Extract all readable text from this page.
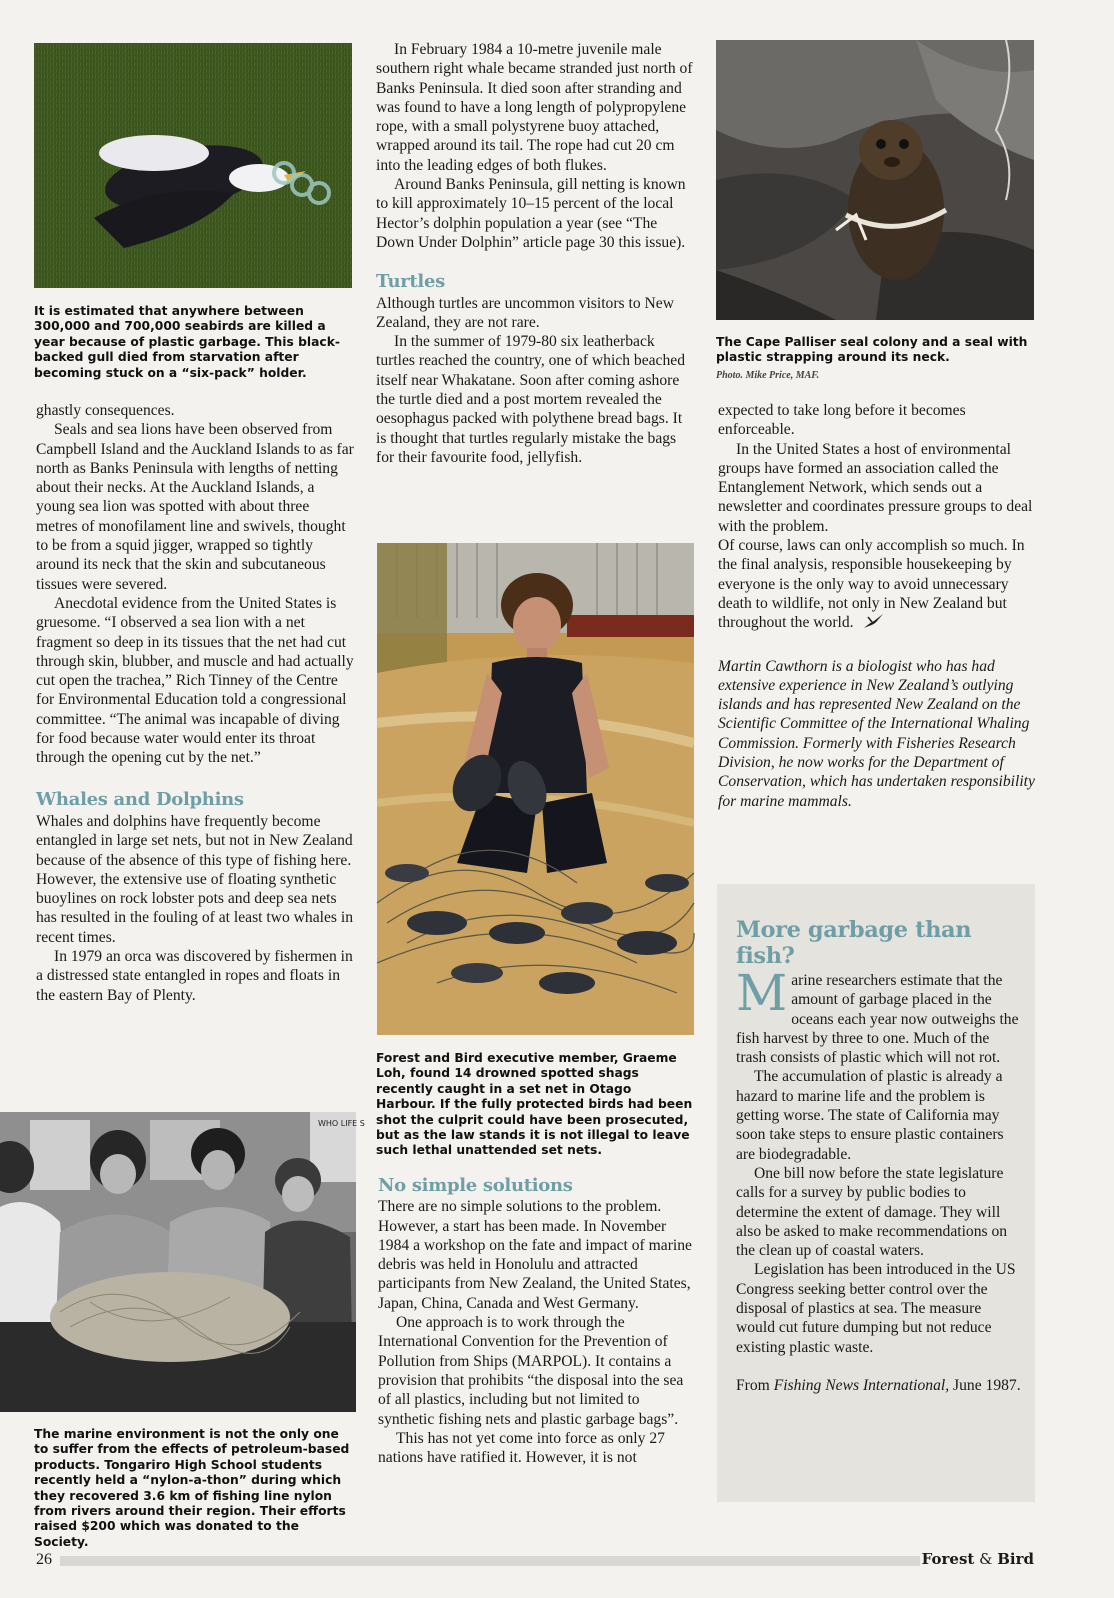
It is estimated that anywhere between 300,000 and 700,000 seabirds are killed a year because of plastic garbage. This black-backed gull died from starvation after becoming stuck on a “six-pack” holder.

ghastly consequences.

Seals and sea lions have been observed from Campbell Island and the Auckland Islands to as far north as Banks Peninsula with lengths of netting about their necks. At the Auckland Islands, a young sea lion was spotted with about three metres of monofilament line and swivels, thought to be from a squid jigger, wrapped so tightly around its neck that the skin and subcutaneous tissues were severed.

Anecdotal evidence from the United States is gruesome. “I observed a sea lion with a net fragment so deep in its tissues that the net had cut through skin, blubber, and muscle and had actually cut open the trachea,” Rich Tinney of the Centre for Environmental Education told a congressional committee. “The animal was incapable of diving for food because water would enter its throat through the opening cut by the net.”

Whales and Dolphins

Whales and dolphins have frequently become entangled in large set nets, but not in New Zealand because of the absence of this type of fishing here. However, the extensive use of floating synthetic buoylines on rock lobster pots and deep sea nets has resulted in the fouling of at least two whales in recent times.

In 1979 an orca was discovered by fishermen in a distressed state entangled in ropes and floats in the eastern Bay of Plenty.

WHO LIFE S
The marine environment is not the only one to suffer from the effects of petroleum-based products. Tongariro High School students recently held a “nylon-a-thon” during which they recovered 3.6 km of fishing line nylon from rivers around their region. Their efforts raised $200 which was donated to the Society.

In February 1984 a 10-metre juvenile male southern right whale became stranded just north of Banks Peninsula. It died soon after stranding and was found to have a long length of polypropylene rope, with a small polystyrene buoy attached, wrapped around its tail. The rope had cut 20 cm into the leading edges of both flukes.

Around Banks Peninsula, gill netting is known to kill approximately 10–15 percent of the local Hector’s dolphin population a year (see “The Down Under Dolphin” article page 30 this issue).

Turtles

Although turtles are uncommon visitors to New Zealand, they are not rare.

In the summer of 1979-80 six leatherback turtles reached the country, one of which beached itself near Whakatane. Soon after coming ashore the turtle died and a post mortem revealed the oesophagus packed with polythene bread bags. It is thought that turtles regularly mistake the bags for their favourite food, jellyfish.

Forest and Bird executive member, Graeme Loh, found 14 drowned spotted shags recently caught in a set net in Otago Harbour. If the fully protected birds had been shot the culprit could have been prosecuted, but as the law stands it is not illegal to leave such lethal unattended set nets.
No simple solutions

There are no simple solutions to the problem. However, a start has been made. In November 1984 a workshop on the fate and impact of marine debris was held in Honolulu and attracted participants from New Zealand, the United States, Japan, China, Canada and West Germany.

One approach is to work through the International Convention for the Prevention of Pollution from Ships (MARPOL). It contains a provision that prohibits “the disposal into the sea of all plastics, including but not limited to synthetic fishing nets and plastic garbage bags”.

This has not yet come into force as only 27 nations have ratified it. However, it is not

The Cape Palliser seal colony and a seal with plastic strapping around its neck.
Photo. Mike Price, MAF.

expected to take long before it becomes enforceable.

In the United States a host of environmental groups have formed an association called the Entanglement Network, which sends out a newsletter and coordinates pressure groups to deal with the problem.

Of course, laws can only accomplish so much. In the final analysis, responsible housekeeping by everyone is the only way to avoid unnecessary death to wildlife, not only in New Zealand but throughout the world.

Martin Cawthorn is a biologist who has had extensive experience in New Zealand’s outlying islands and has represented New Zealand on the Scientific Committee of the International Whaling Commission. Formerly with Fisheries Research Division, he now works for the Department of Conservation, which has undertaken responsibility for marine mammals.
More garbage than fish?

Marine researchers estimate that the amount of garbage placed in the oceans each year now outweighs the fish harvest by three to one. Much of the trash consists of plastic which will not rot.

The accumulation of plastic is already a hazard to marine life and the problem is getting worse. The state of California may soon take steps to ensure plastic containers are biodegradable.

One bill now before the state legislature calls for a survey by public bodies to determine the extent of damage. They will also be asked to make recommendations on the clean up of coastal waters.

Legislation has been introduced in the US Congress seeking better control over the disposal of plastics at sea. The measure would cut future dumping but not reduce existing plastic waste.

From Fishing News International, June 1987.

26	Forest & Bird
